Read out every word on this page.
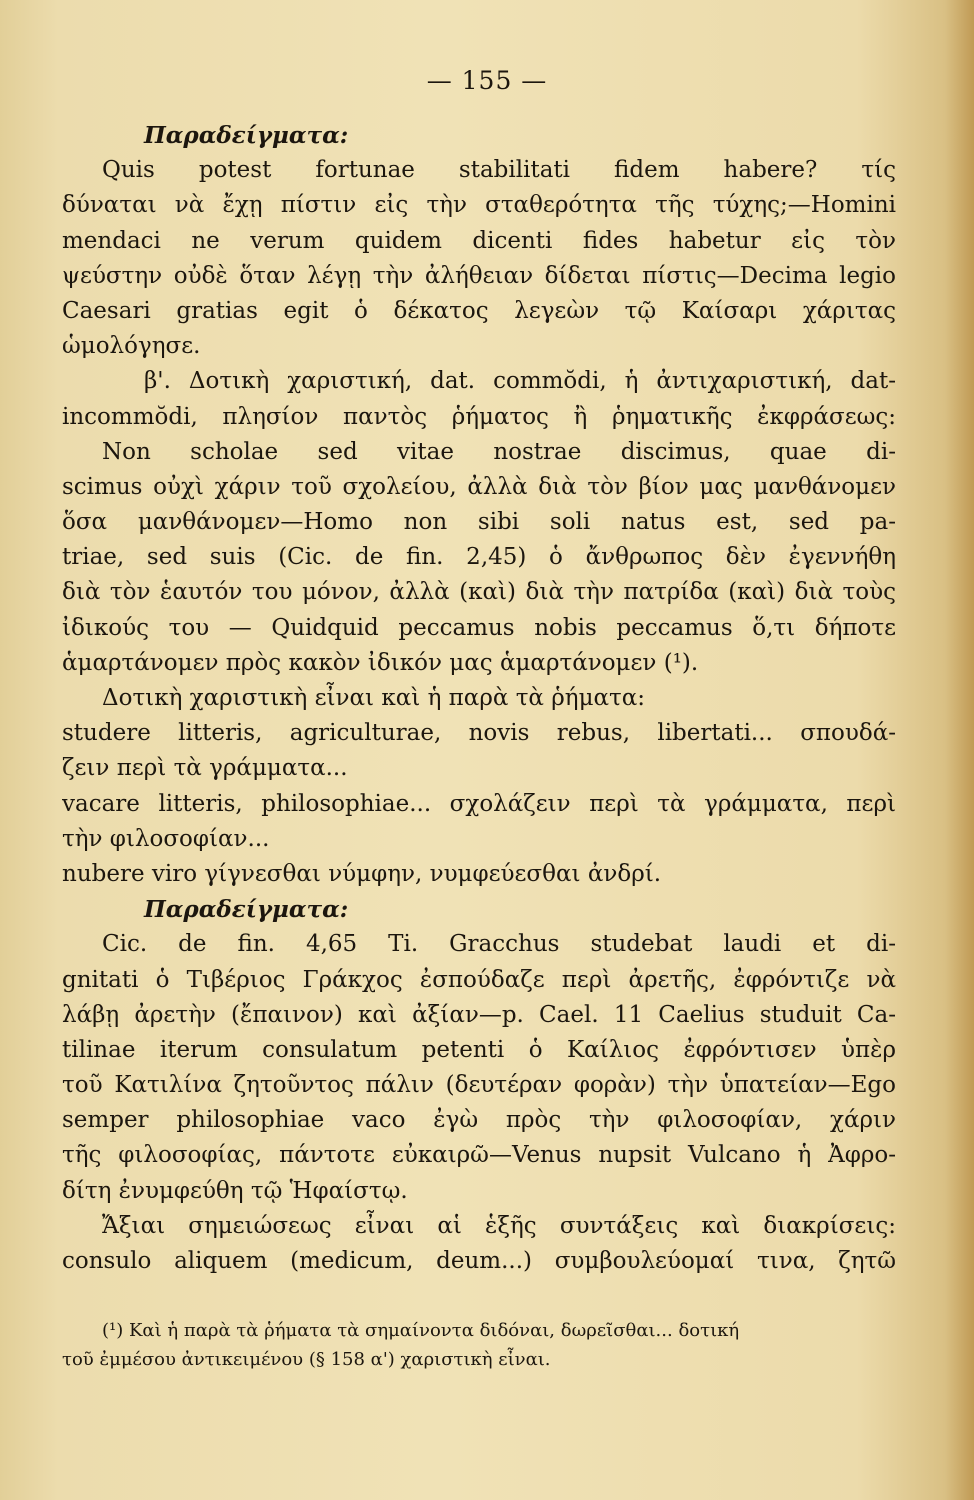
— 155 —
Παραδείγματα:
Quis potest fortunae stabilitati fidem habere? τίς
δύναται νὰ ἔχῃ πίστιν εἰς τὴν σταθερότητα τῆς τύχης;—Homini
mendaci ne verum quidem dicenti fides habetur εἰς τὸν
ψεύστην οὐδὲ ὅταν λέγῃ τὴν ἀλήθειαν δίδεται πίστις—Decima legio
Caesari gratias egit ὁ δέκατος λεγεὼν τῷ Καίσαρι χάριτας
ὡμολόγησε.
β'. Δοτικὴ χαριστική, dat. commŏdi, ἡ ἀντιχαριστική, dat-
incommŏdi, πλησίον παντὸς ῥήματος ἢ ῥηματικῆς ἐκφράσεως:
Non scholae sed vitae nostrae discimus, quae di-
scimus οὐχὶ χάριν τοῦ σχολείου, ἀλλὰ διὰ τὸν βίον μας μανθάνομεν
ὅσα μανθάνομεν—Homo non sibi soli natus est, sed pa-
triae, sed suis (Cic. de fin. 2,45) ὁ ἄνθρωπος δὲν ἐγεννήθη
διὰ τὸν ἑαυτόν του μόνον, ἀλλὰ (καὶ) διὰ τὴν πατρίδα (καὶ) διὰ τοὺς
ἰδικούς του — Quidquid peccamus nobis peccamus ὅ,τι δήποτε
ἁμαρτάνομεν πρὸς κακὸν ἰδικόν μας ἁμαρτάνομεν (¹).
Δοτικὴ χαριστικὴ εἶναι καὶ ἡ παρὰ τὰ ῥήματα:
studere litteris, agriculturae, novis rebus, libertati... σπουδά-
ζειν περὶ τὰ γράμματα...
vacare litteris, philosophiae... σχολάζειν περὶ τὰ γράμματα, περὶ
τὴν φιλοσοφίαν...
nubere viro γίγνεσθαι νύμφην, νυμφεύεσθαι ἀνδρί.
Παραδείγματα:
Cic. de fin. 4,65 Ti. Gracchus studebat laudi et di-
gnitati ὁ Τιβέριος Γράκχος ἐσπούδαζε περὶ ἀρετῆς, ἐφρόντιζε νὰ
λάβῃ ἀρετὴν (ἔπαινον) καὶ ἀξίαν—p. Cael. 11 Caelius studuit Ca-
tilinae iterum consulatum petenti ὁ Καίλιος ἐφρόντισεν ὑπὲρ
τοῦ Κατιλίνα ζητοῦντος πάλιν (δευτέραν φορὰν) τὴν ὑπατείαν—Ego
semper philosophiae vaco ἐγὼ πρὸς τὴν φιλοσοφίαν, χάριν
τῆς φιλοσοφίας, πάντοτε εὐκαιρῶ—Venus nupsit Vulcano ἡ Ἀφρο-
δίτη ἐνυμφεύθη τῷ Ἡφαίστῳ.
Ἄξιαι σημειώσεως εἶναι αἱ ἑξῆς συντάξεις καὶ διακρίσεις:
consulo aliquem (medicum, deum...) συμβουλεύομαί τινα, ζητῶ
(¹) Καὶ ἡ παρὰ τὰ ῥήματα τὰ σημαίνοντα διδόναι, δωρεῖσθαι... δοτική
τοῦ ἐμμέσου ἀντικειμένου (§ 158 α') χαριστικὴ εἶναι.
